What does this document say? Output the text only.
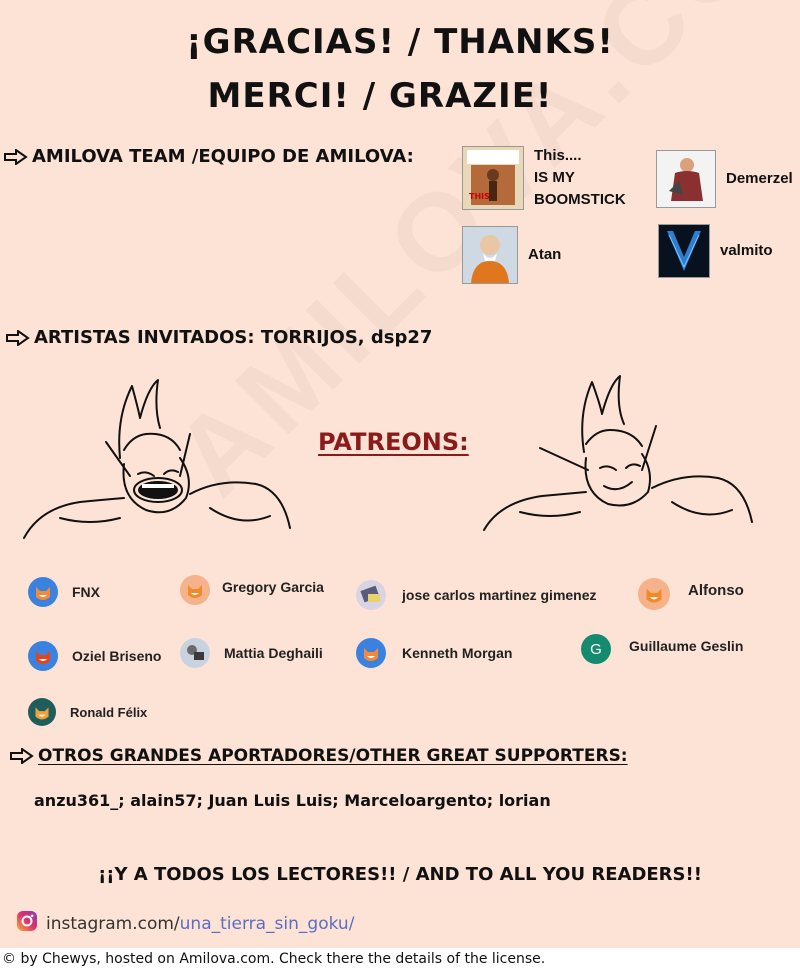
¡GRACIAS! / THANKS!
MERCI! / GRAZIE!
AMILOVA TEAM /EQUIPO DE AMILOVA:
THIS
This....
IS MY
BOOMSTICK
Demerzel
Atan	valmito
ARTISTAS INVITADOS: TORRIJOS, dsp27
PATREONS:
FNX	Gregory Garcia	jose carlos martinez gimenez	Alfonso
Oziel Briseno	Mattia Deghaili	Kenneth Morgan	G	Guillaume Geslin
Ronald Félix
OTROS GRANDES APORTADORES/OTHER GREAT SUPPORTERS:
anzu361_; alain57; Juan Luis Luis; Marceloargento; lorian
¡¡Y A TODOS LOS LECTORES!! / AND TO ALL YOU READERS!!
instagram.com/una_tierra_sin_goku/
© by Chewys, hosted on Amilova.com. Check there the details of the license.
